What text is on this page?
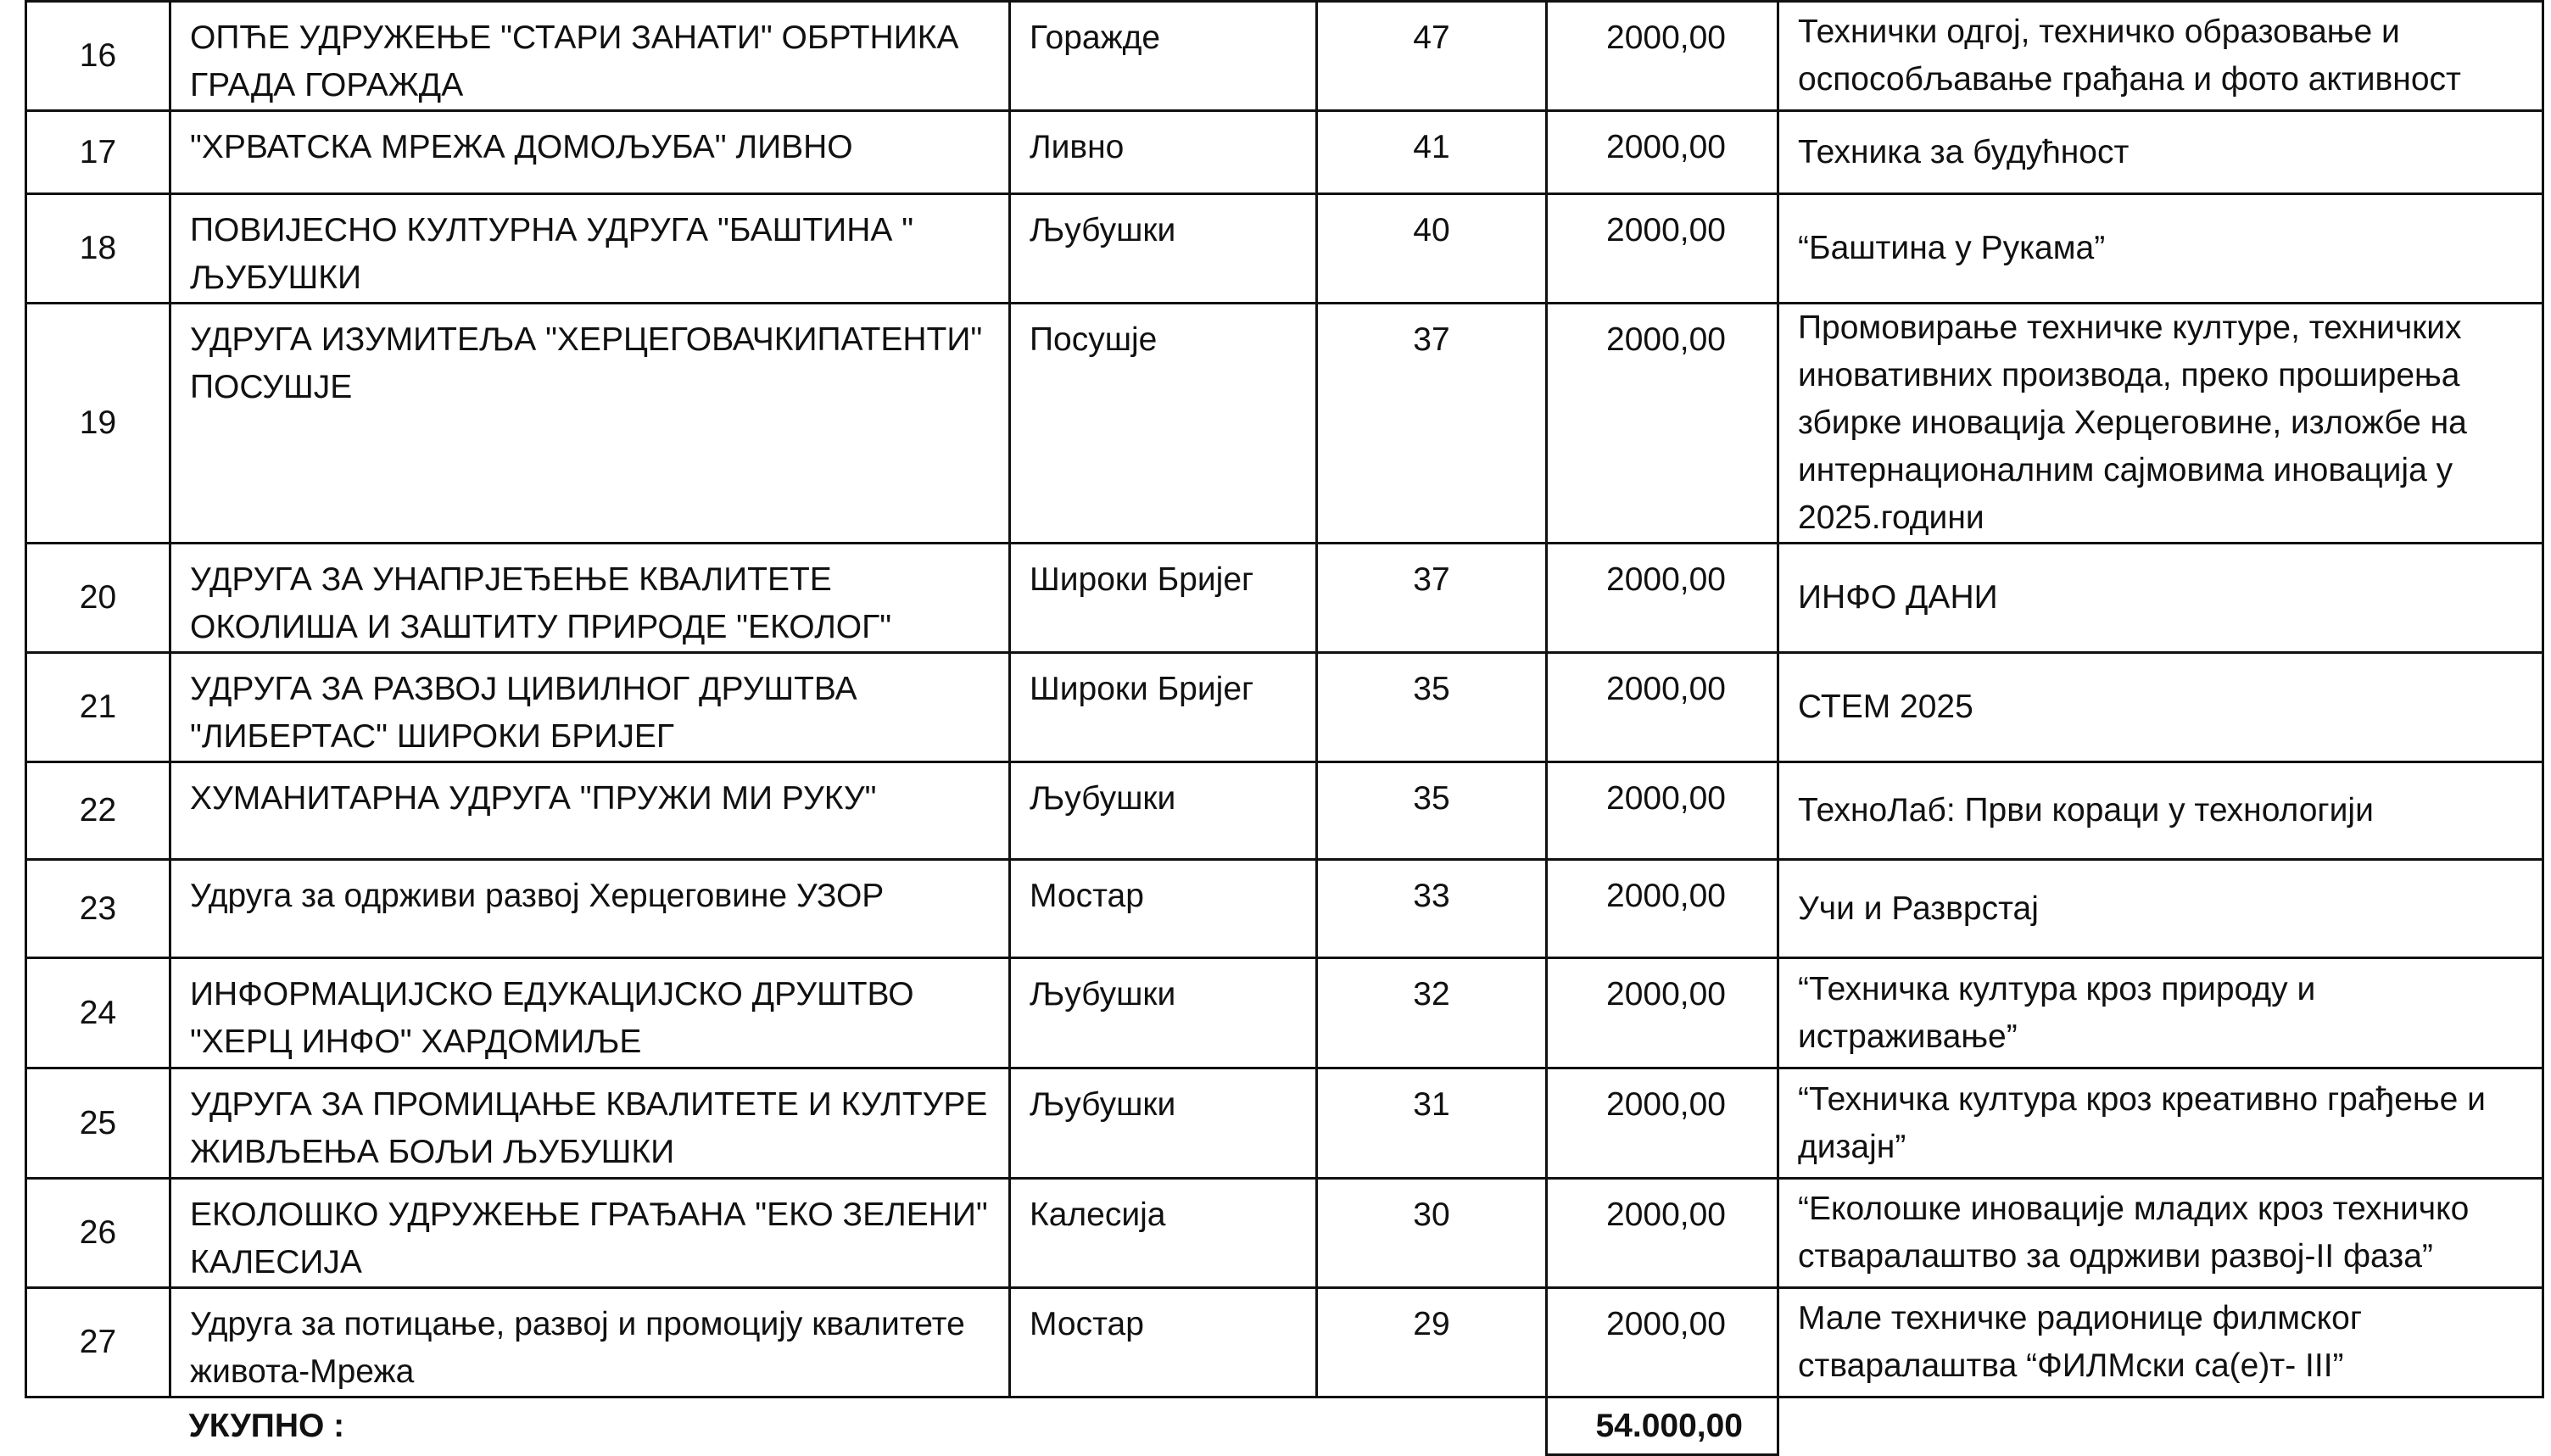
16	ОПЋЕ УДРУЖЕЊЕ "СТАРИ ЗАНАТИ" ОБРТНИКА ГРАДА ГОРАЖДА	Горажде	47	2000,00	Технички одгој, техничко образовање и оспособљавање грађана и фото активност
17	"ХРВАТСКА МРЕЖА ДОМОЉУБА" ЛИВНО	Ливно	41	2000,00	Техника за будућност
18	ПОВИЈЕСНО КУЛТУРНА УДРУГА "БАШТИНА " ЉУБУШКИ	Љубушки	40	2000,00	“Баштина у Рукама”
19	УДРУГА ИЗУМИТЕЉА "ХЕРЦЕГОВАЧКИПАТЕНТИ" ПОСУШЈЕ	Посушје	37	2000,00	Промовирање техничке културе, техничких иновативних производа, преко проширења збирке иновација Херцеговине, изложбе на интернационалним сајмовима иновација у 2025.години
20	УДРУГА ЗА УНАПРЈЕЂЕЊЕ КВАЛИТЕТЕ ОКОЛИША И ЗАШТИТУ ПРИРОДЕ "ЕКОЛОГ"	Широки Бријег	37	2000,00	ИНФО ДАНИ
21	УДРУГА ЗА РАЗВОЈ ЦИВИЛНОГ ДРУШТВА "ЛИБЕРТАС" ШИРОКИ БРИЈЕГ	Широки Бријег	35	2000,00	СТЕМ 2025
22	ХУМАНИТАРНА УДРУГА "ПРУЖИ МИ РУКУ"	Љубушки	35	2000,00	ТехноЛаб: Први кораци у технологији
23	Удруга за одрживи развој Херцеговине УЗОР	Мостар	33	2000,00	Учи и Разврстај
24	ИНФОРМАЦИЈСКО ЕДУКАЦИЈСКО ДРУШТВО "ХЕРЦ ИНФО" ХАРДОМИЉЕ	Љубушки	32	2000,00	“Техничка култура кроз природу и истраживање”
25	УДРУГА ЗА ПРОМИЦАЊЕ КВАЛИТЕТЕ И КУЛТУРЕ ЖИВЉЕЊА БОЉИ ЉУБУШКИ	Љубушки	31	2000,00	“Техничка култура кроз креативно грађење и дизајн”
26	ЕКОЛОШКО УДРУЖЕЊЕ ГРАЂАНА "ЕКО ЗЕЛЕНИ" КАЛЕСИЈА	Калесија	30	2000,00	“Еколошке иновације младих кроз техничко стваралаштво за одрживи развој-II фаза”
27	Удруга за потицање, развој и промоцију квалитете живота-Мрежа	Мостар	29	2000,00	Мале техничке радионице филмског стваралаштва “ФИЛМски са(е)т- III”
	УКУПНО :			54.000,00	
